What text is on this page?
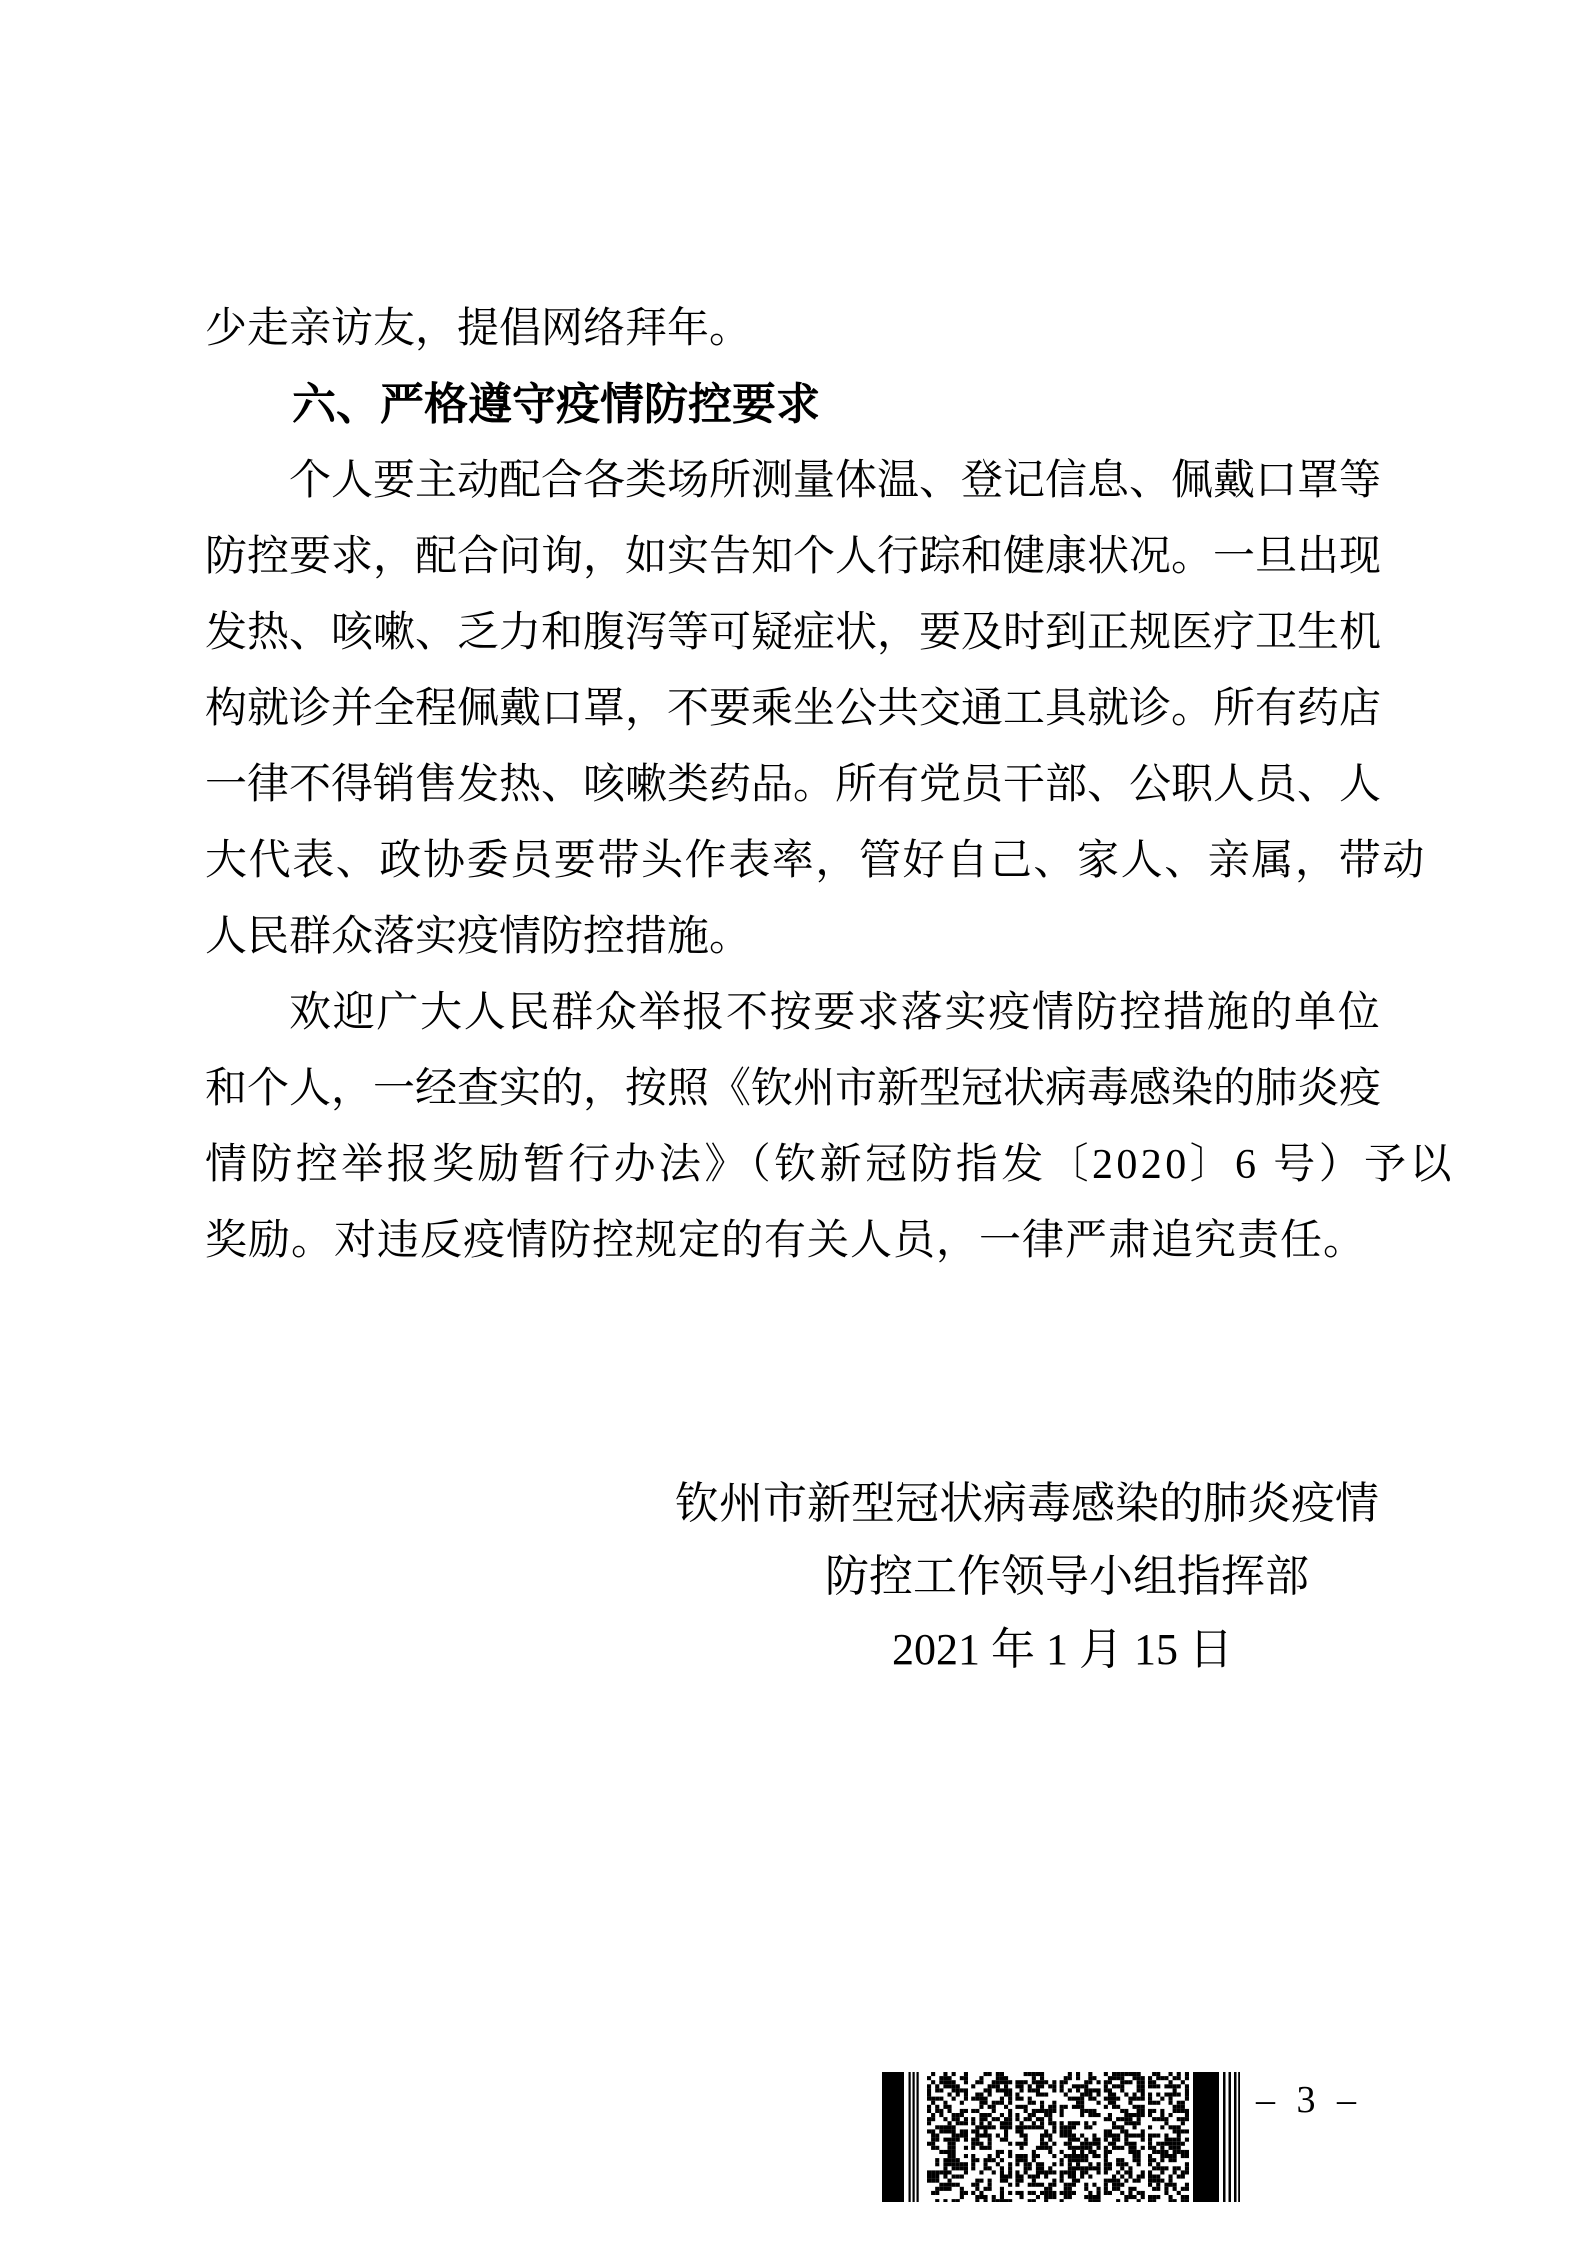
少走亲访友，提倡网络拜年。
六、严格遵守疫情防控要求
个人要主动配合各类场所测量体温、登记信息、佩戴口罩等
防控要求，配合问询，如实告知个人行踪和健康状况。一旦出现
发热、咳嗽、乏力和腹泻等可疑症状，要及时到正规医疗卫生机
构就诊并全程佩戴口罩，不要乘坐公共交通工具就诊。所有药店
一律不得销售发热、咳嗽类药品。所有党员干部、公职人员、人
大代表、政协委员要带头作表率，管好自己、家人、亲属，带动
人民群众落实疫情防控措施。
欢迎广大人民群众举报不按要求落实疫情防控措施的单位
和个人，一经查实的，按照《钦州市新型冠状病毒感染的肺炎疫
情防控举报奖励暂行办法》（钦新冠防指发〔2020〕6 号）予以
奖励。对违反疫情防控规定的有关人员，一律严肃追究责任。
钦州市新型冠状病毒感染的肺炎疫情
防控工作领导小组指挥部
2021 年 1 月 15 日
– 3 –
